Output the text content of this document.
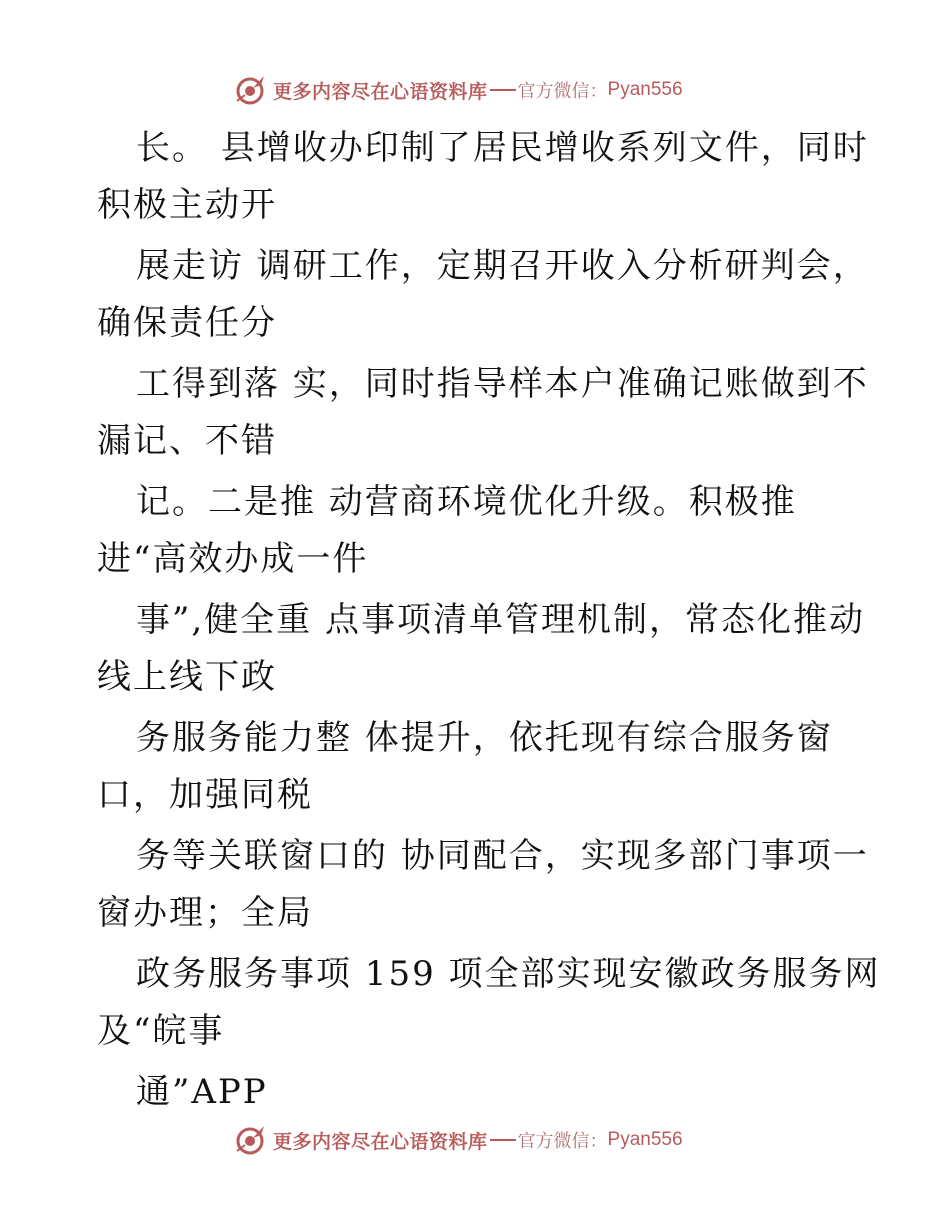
更多内容尽在心语资料库 官方微信： Pyan556
长。 县增收办印制了居民增收系列文件，同时
积极主动开
展走访 调研工作，定期召开收入分析研判会，
确保责任分
工得到落 实，同时指导样本户准确记账做到不
漏记、不错
记。二是推 动营商环境优化升级。积极推
进“高效办成一件
事”,健全重 点事项清单管理机制，常态化推动
线上线下政
务服务能力整 体提升，依托现有综合服务窗
口，加强同税
务等关联窗口的 协同配合，实现多部门事项一
窗办理；全局
政务服务事项 159 项全部实现安徽政务服务网
及“皖事
通”APP
更多内容尽在心语资料库 官方微信： Pyan556
